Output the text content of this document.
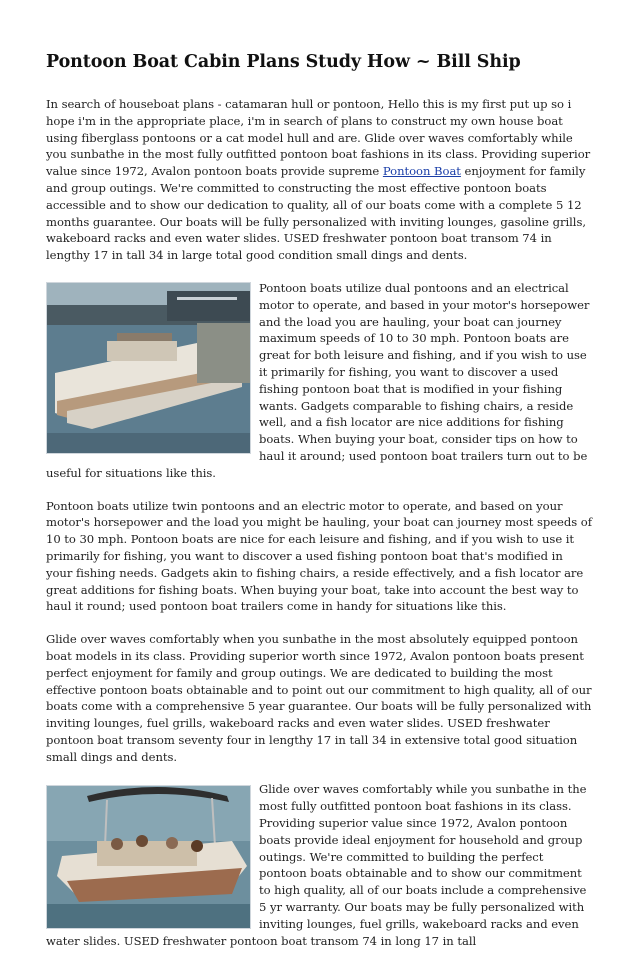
Pontoon Boat Cabin Plans Study How ~ Bill Ship

In search of houseboat plans - catamaran hull or pontoon, Hello this is my first put up so i hope i'm in the appropriate place, i'm in search of plans to construct my own house boat using fiberglass pontoons or a cat model hull and are. Glide over waves comfortably while you sunbathe in the most fully outfitted pontoon boat fashions in its class. Providing superior value since 1972, Avalon pontoon boats provide supreme Pontoon Boat enjoyment for family and group outings. We're committed to constructing the most effective pontoon boats accessible and to show our dedication to quality, all of our boats come with a complete 5 12 months guarantee. Our boats will be fully personalized with inviting lounges, gasoline grills, wakeboard racks and even water slides. USED freshwater pontoon boat transom 74 in lengthy 17 in tall 34 in large total good condition small dings and dents.

Pontoon boats utilize dual pontoons and an electrical motor to operate, and based in your motor's horsepower and the load you are hauling, your boat can journey maximum speeds of 10 to 30 mph. Pontoon boats are great for both leisure and fishing, and if you wish to use it primarily for fishing, you want to discover a used fishing pontoon boat that is modified in your fishing wants. Gadgets comparable to fishing chairs, a reside well, and a fish locator are nice additions for fishing boats. When buying your boat, consider tips on how to haul it around; used pontoon boat trailers turn out to be useful for situations like this.

Pontoon boats utilize twin pontoons and an electric motor to operate, and based on your motor's horsepower and the load you might be hauling, your boat can journey most speeds of 10 to 30 mph. Pontoon boats are nice for each leisure and fishing, and if you wish to use it primarily for fishing, you want to discover a used fishing pontoon boat that's modified in your fishing needs. Gadgets akin to fishing chairs, a reside effectively, and a fish locator are great additions for fishing boats. When buying your boat, take into account the best way to haul it round; used pontoon boat trailers come in handy for situations like this.

Glide over waves comfortably when you sunbathe in the most absolutely equipped pontoon boat models in its class. Providing superior worth since 1972, Avalon pontoon boats present perfect enjoyment for family and group outings. We are dedicated to building the most effective pontoon boats obtainable and to point out our commitment to high quality, all of our boats come with a comprehensive 5 year guarantee. Our boats will be fully personalized with inviting lounges, fuel grills, wakeboard racks and even water slides. USED freshwater pontoon boat transom seventy four in lengthy 17 in tall 34 in extensive total good situation small dings and dents.

Glide over waves comfortably while you sunbathe in the most fully outfitted pontoon boat fashions in its class. Providing superior value since 1972, Avalon pontoon boats provide ideal enjoyment for household and group outings. We're committed to building the perfect pontoon boats obtainable and to show our commitment to high quality, all of our boats include a comprehensive 5 yr warranty. Our boats may be fully personalized with inviting lounges, fuel grills, wakeboard racks and even water slides. USED freshwater pontoon boat transom 74 in long 17 in tall
